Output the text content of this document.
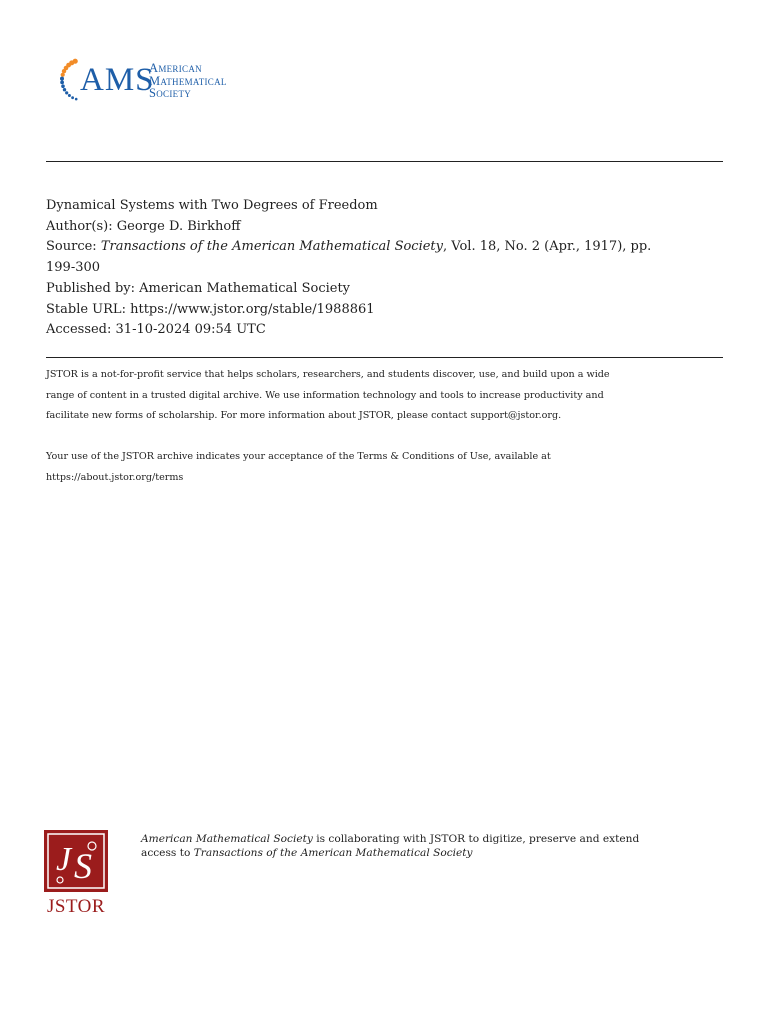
AMS
American
Mathematical
Society
Dynamical Systems with Two Degrees of Freedom
Author(s): George D. Birkhoff
Source: Transactions of the American Mathematical Society, Vol. 18, No. 2 (Apr., 1917), pp.
199-300
Published by: American Mathematical Society
Stable URL: https://www.jstor.org/stable/1988861
Accessed: 31-10-2024 09:54 UTC
JSTOR is a not-for-profit service that helps scholars, researchers, and students discover, use, and build upon a wide
range of content in a trusted digital archive. We use information technology and tools to increase productivity and
facilitate new forms of scholarship. For more information about JSTOR, please contact support@jstor.org.
Your use of the JSTOR archive indicates your acceptance of the Terms & Conditions of Use, available at
https://about.jstor.org/terms
J S
JSTOR
American Mathematical Society is collaborating with JSTOR to digitize, preserve and extend
access to Transactions of the American Mathematical Society
